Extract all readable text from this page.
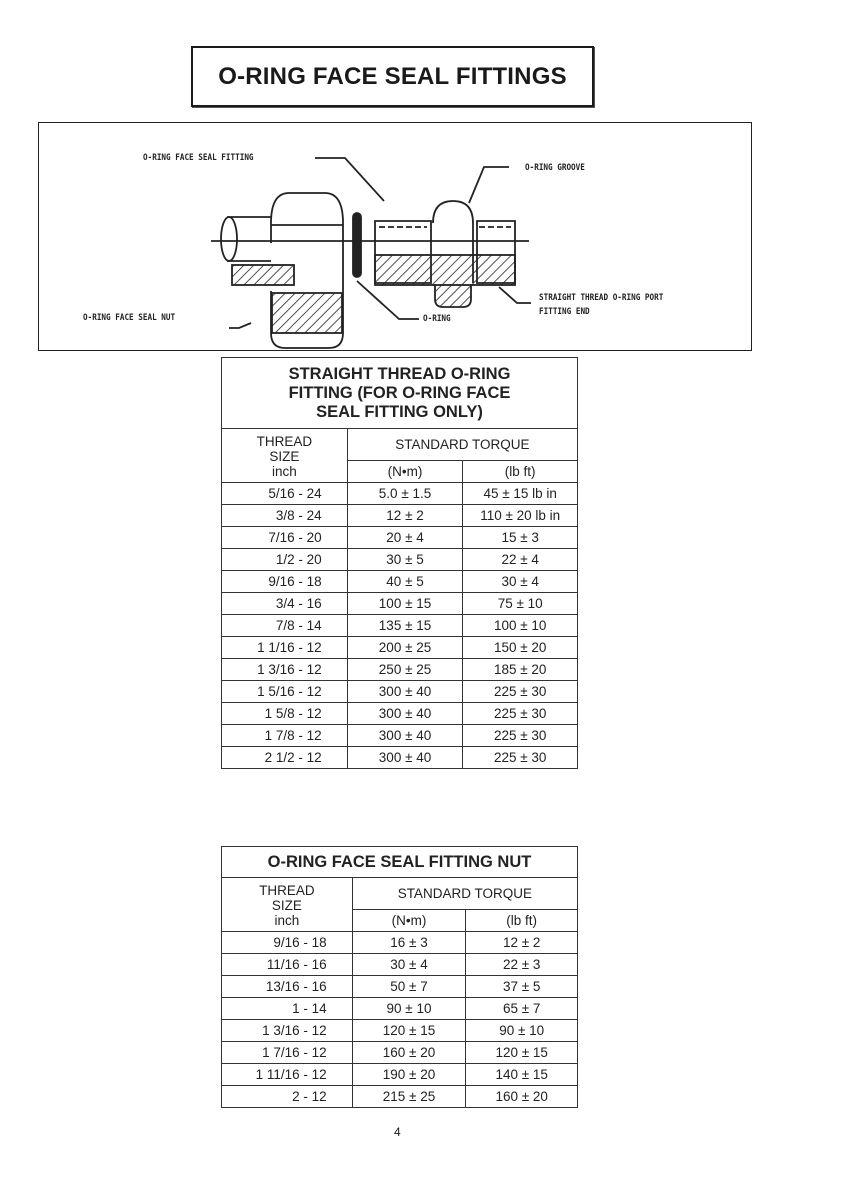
O-RING FACE SEAL FITTINGS
O-RING FACE SEAL FITTING
O-RING GROOVE
STRAIGHT THREAD O-RING PORT
FITTING END
O-RING FACE SEAL NUT	O-RING
STRAIGHT THREAD O-RING
FITTING (FOR O-RING FACE
SEAL FITTING ONLY)		

THREAD
SIZE
inch	STANDARD TORQUE	
	(N•m)	(lb ft)
5/16 - 24	5.0 ± 1.5	45 ± 15 lb in
3/8 - 24	12 ± 2	110 ± 20 lb in
7/16 - 20	20 ± 4	15 ± 3
1/2 - 20	30 ± 5	22 ± 4
9/16 - 18	40 ± 5	30 ± 4
3/4 - 16	100 ± 15	75 ± 10
7/8 - 14	135 ± 15	100 ± 10
1 1/16 - 12	200 ± 25	150 ± 20
1 3/16 - 12	250 ± 25	185 ± 20
1 5/16 - 12	300 ± 40	225 ± 30
1 5/8 - 12	300 ± 40	225 ± 30
1 7/8 - 12	300 ± 40	225 ± 30
2 1/2 - 12	300 ± 40	225 ± 30
O-RING FACE SEAL FITTING NUT		

THREAD
SIZE
inch	STANDARD TORQUE	
	(N•m)	(lb ft)
9/16 - 18	16 ± 3	12 ± 2
11/16 - 16	30 ± 4	22 ± 3
13/16 - 16	50 ± 7	37 ± 5
1 - 14	90 ± 10	65 ± 7
1 3/16 - 12	120 ± 15	90 ± 10
1 7/16 - 12	160 ± 20	120 ± 15
1 11/16 - 12	190 ± 20	140 ± 15
2 - 12	215 ± 25	160 ± 20
4
